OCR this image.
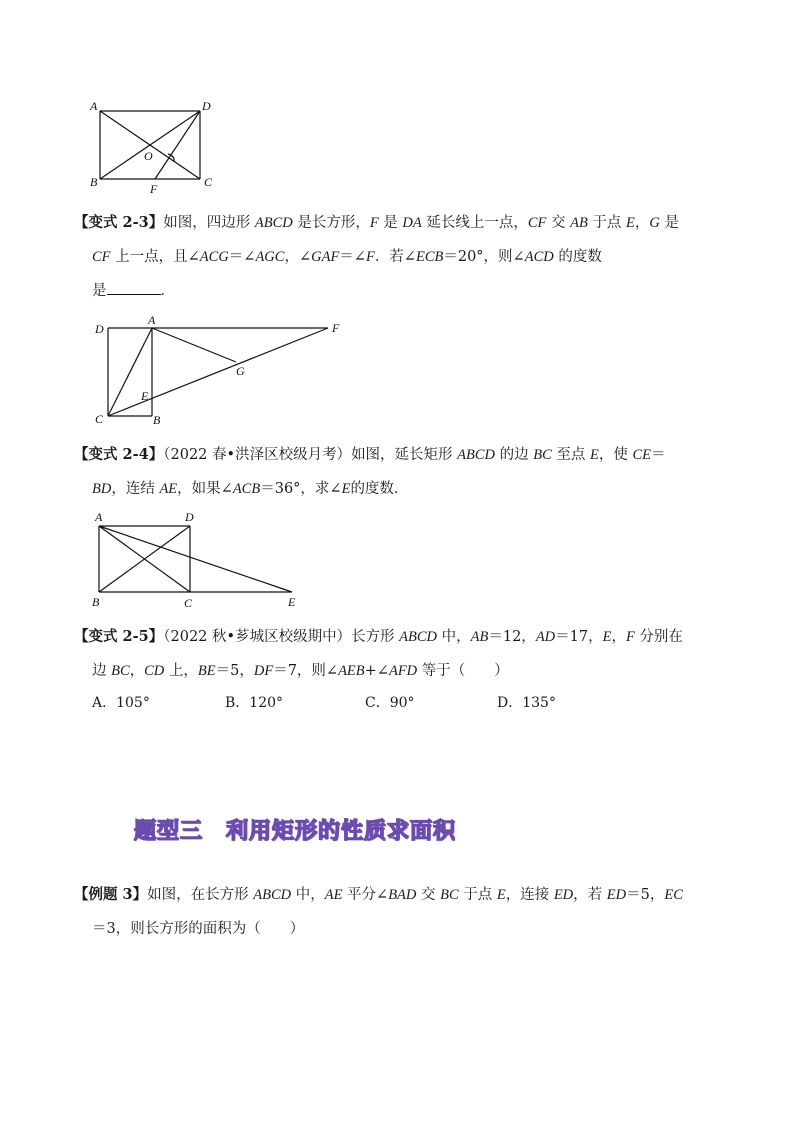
A	D
O
B	F	C
【变式 2-3】如图，四边形 ABCD 是长方形，F 是 DA 延长线上一点，CF 交 AB 于点 E，G 是
CF 上一点，且∠ACG＝∠AGC，∠GAF＝∠F．若∠ECB＝20°，则∠ACD 的度数
是	．
D
A
F
G
E
C	B
【变式 2-4】（2022 春•洪泽区校级月考）如图，延长矩形 ABCD 的边 BC 至点 E，使 CE＝
BD，连结 AE，如果∠ACB＝36°，求∠E的度数．
A	D
B	C	E
【变式 2-5】（2022 秋•芗城区校级期中）长方形 ABCD 中，AB＝12，AD＝17，E，F 分别在
边 BC，CD 上，BE＝5，DF＝7，则∠AEB+∠AFD 等于（　　）
A．105°	B．120°	C．90°	D．135°
题型三　利用矩形的性质求面积
【例题 3】如图，在长方形 ABCD 中，AE 平分∠BAD 交 BC 于点 E，连接 ED，若 ED＝5，EC
＝3，则长方形的面积为（　　）
